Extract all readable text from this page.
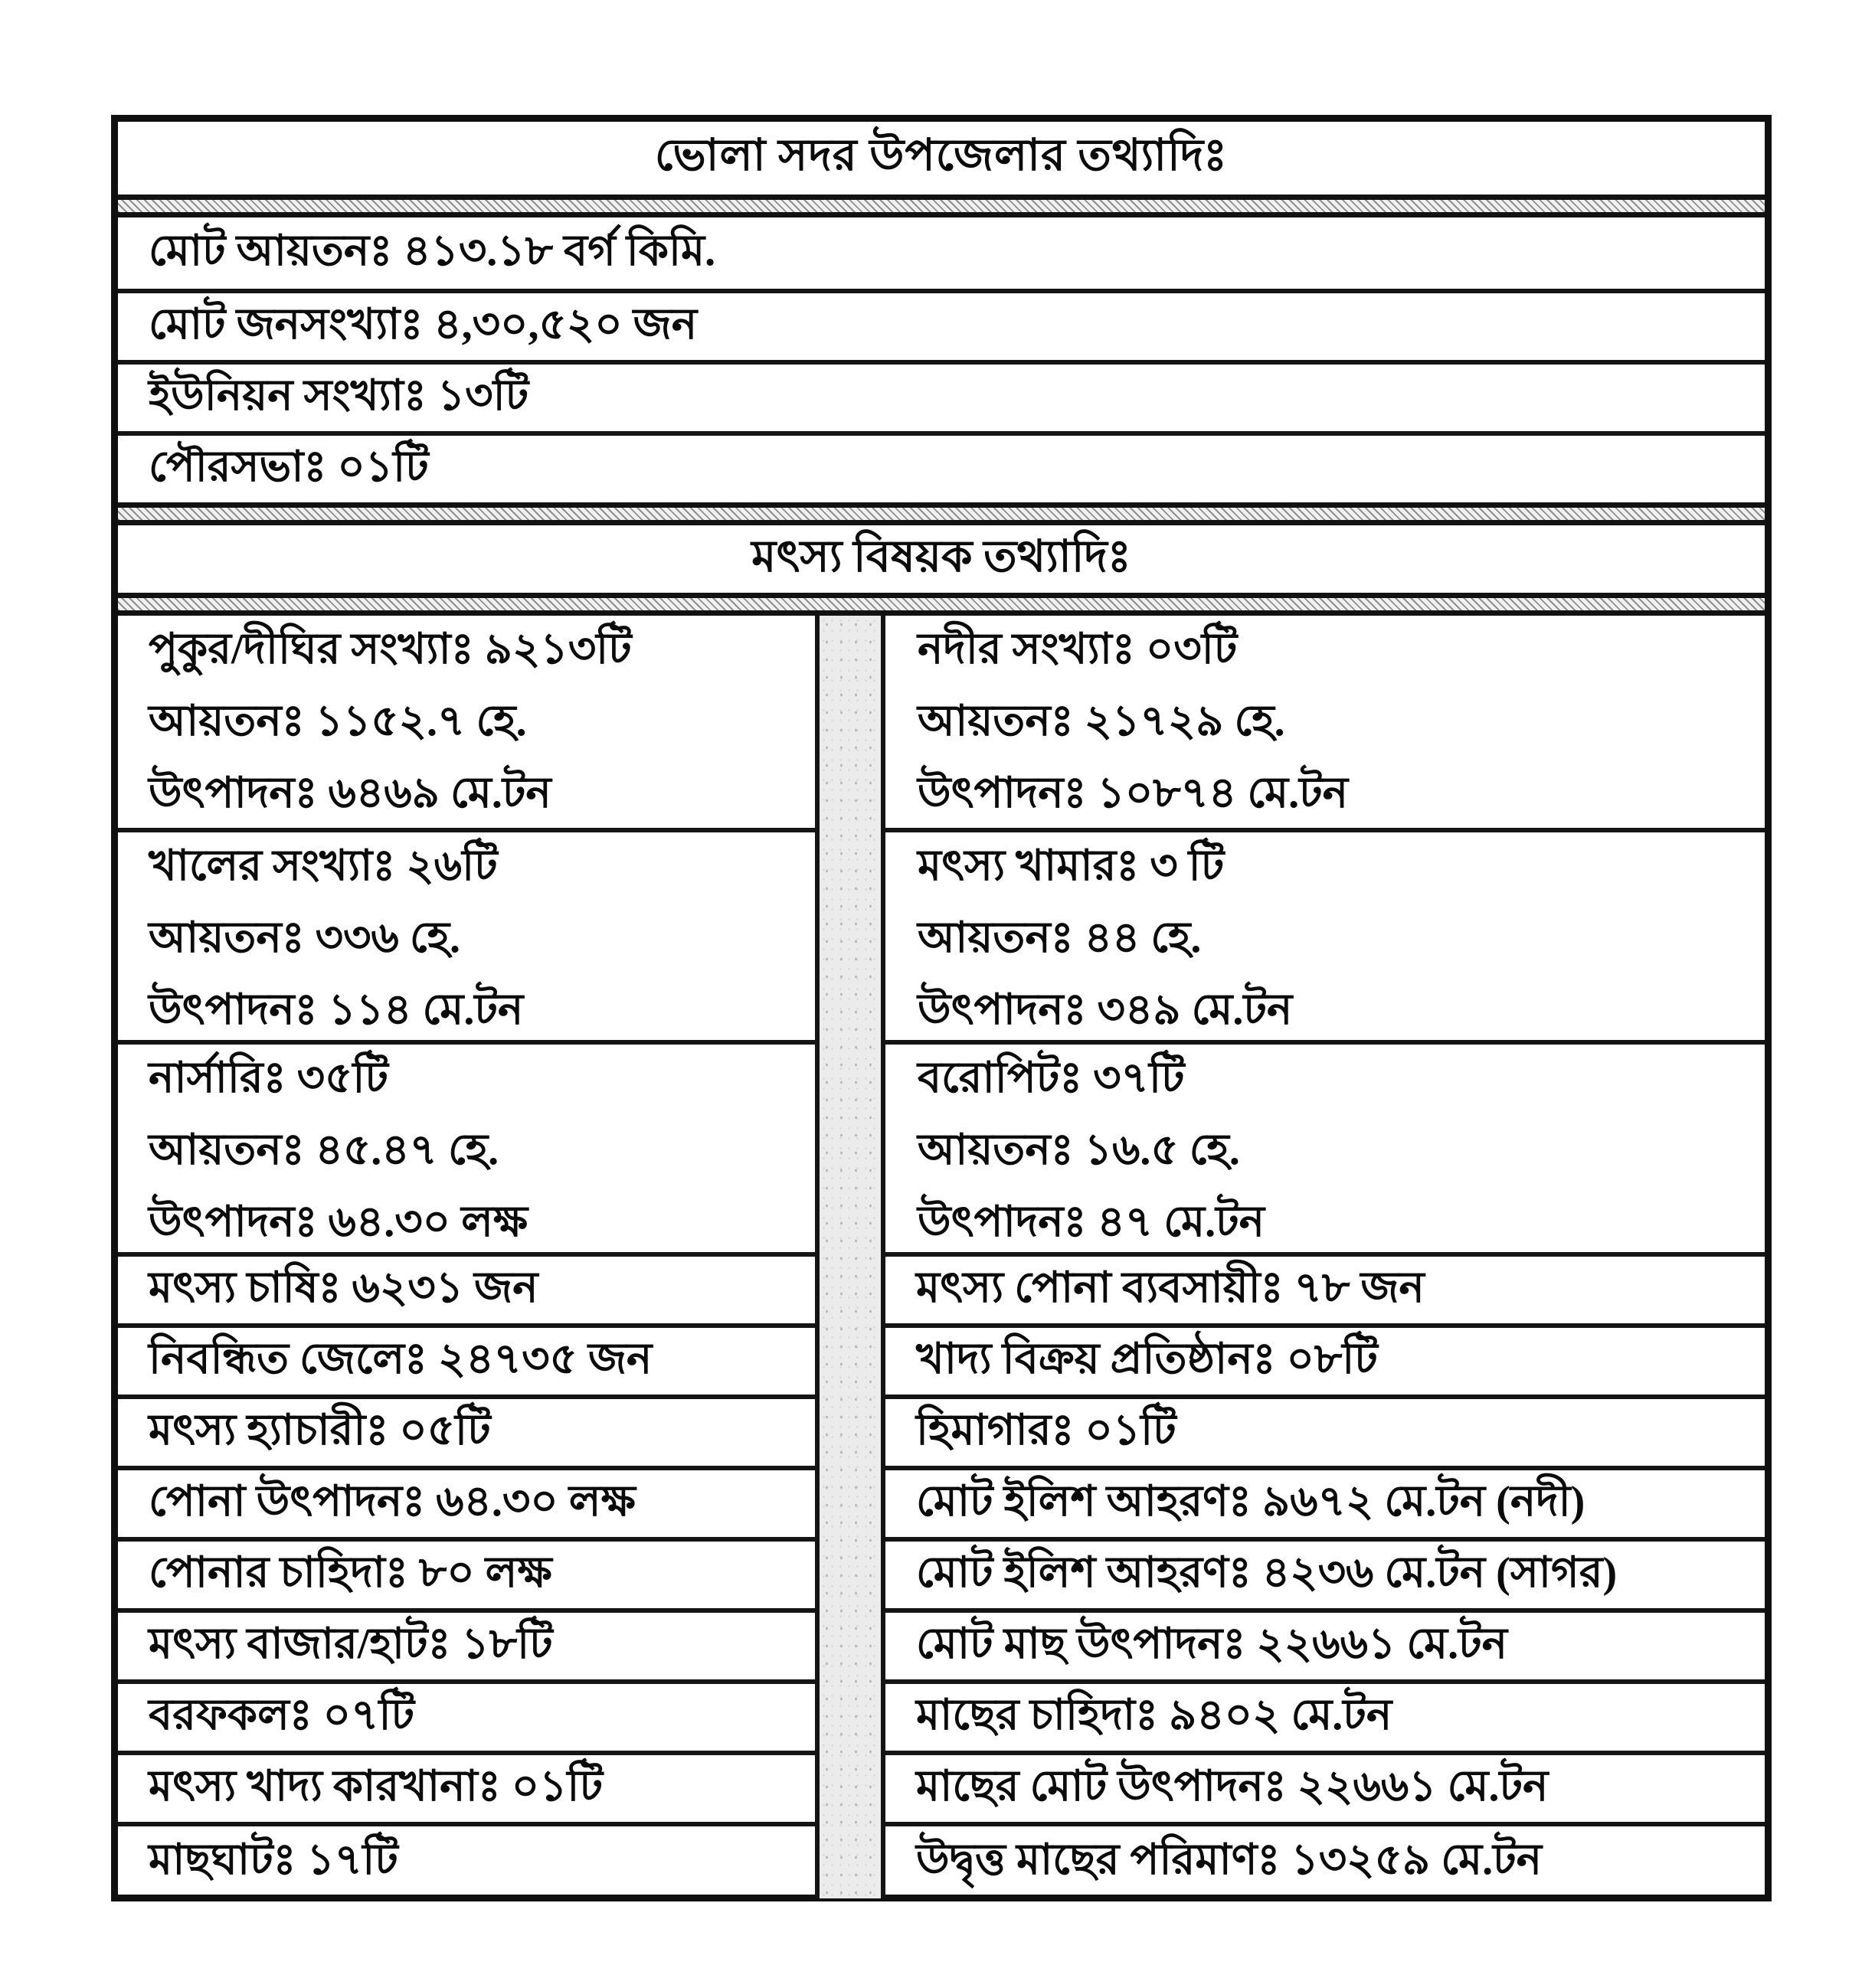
ভোলা সদর উপজেলার তথ্যাদিঃ
মোট আয়তনঃ ৪১৩.১৮ বর্গ কিমি.
মোট জনসংখ্যাঃ ৪,৩০,৫২০ জন
ইউনিয়ন সংখ্যাঃ ১৩টি
পৌরসভাঃ ০১টি
মৎস্য বিষয়ক তথ্যাদিঃ
পুকুর/দীঘির সংখ্যাঃ ৯২১৩টি
আয়তনঃ ১১৫২.৭ হে.
উৎপাদনঃ ৬৪৬৯ মে.টন
খালের সংখ্যাঃ ২৬টি
আয়তনঃ ৩৩৬ হে.
উৎপাদনঃ ১১৪ মে.টন
নার্সারিঃ ৩৫টি
আয়তনঃ ৪৫.৪৭ হে.
উৎপাদনঃ ৬৪.৩০ লক্ষ
মৎস্য চাষিঃ ৬২৩১ জন
নিবন্ধিত জেলেঃ ২৪৭৩৫ জন
মৎস্য হ্যাচারীঃ ০৫টি
পোনা উৎপাদনঃ ৬৪.৩০ লক্ষ
পোনার চাহিদাঃ ৮০ লক্ষ
মৎস্য বাজার/হাটঃ ১৮টি
বরফকলঃ ০৭টি
মৎস্য খাদ্য কারখানাঃ ০১টি
মাছঘাটঃ ১৭টি
নদীর সংখ্যাঃ ০৩টি
আয়তনঃ ২১৭২৯ হে.
উৎপাদনঃ ১০৮৭৪ মে.টন
মৎস্য খামারঃ ৩ টি
আয়তনঃ ৪৪ হে.
উৎপাদনঃ ৩৪৯ মে.টন
বরোপিটঃ ৩৭টি
আয়তনঃ ১৬.৫ হে.
উৎপাদনঃ ৪৭ মে.টন
মৎস্য পোনা ব্যবসায়ীঃ ৭৮ জন
খাদ্য বিক্রয় প্রতিষ্ঠানঃ ০৮টি
হিমাগারঃ ০১টি
মোট ইলিশ আহরণঃ ৯৬৭২ মে.টন (নদী)
মোট ইলিশ আহরণঃ ৪২৩৬ মে.টন (সাগর)
মোট মাছ উৎপাদনঃ ২২৬৬১ মে.টন
মাছের চাহিদাঃ ৯৪০২ মে.টন
মাছের মোট উৎপাদনঃ ২২৬৬১ মে.টন
উদ্বৃত্ত মাছের পরিমাণঃ ১৩২৫৯ মে.টন
